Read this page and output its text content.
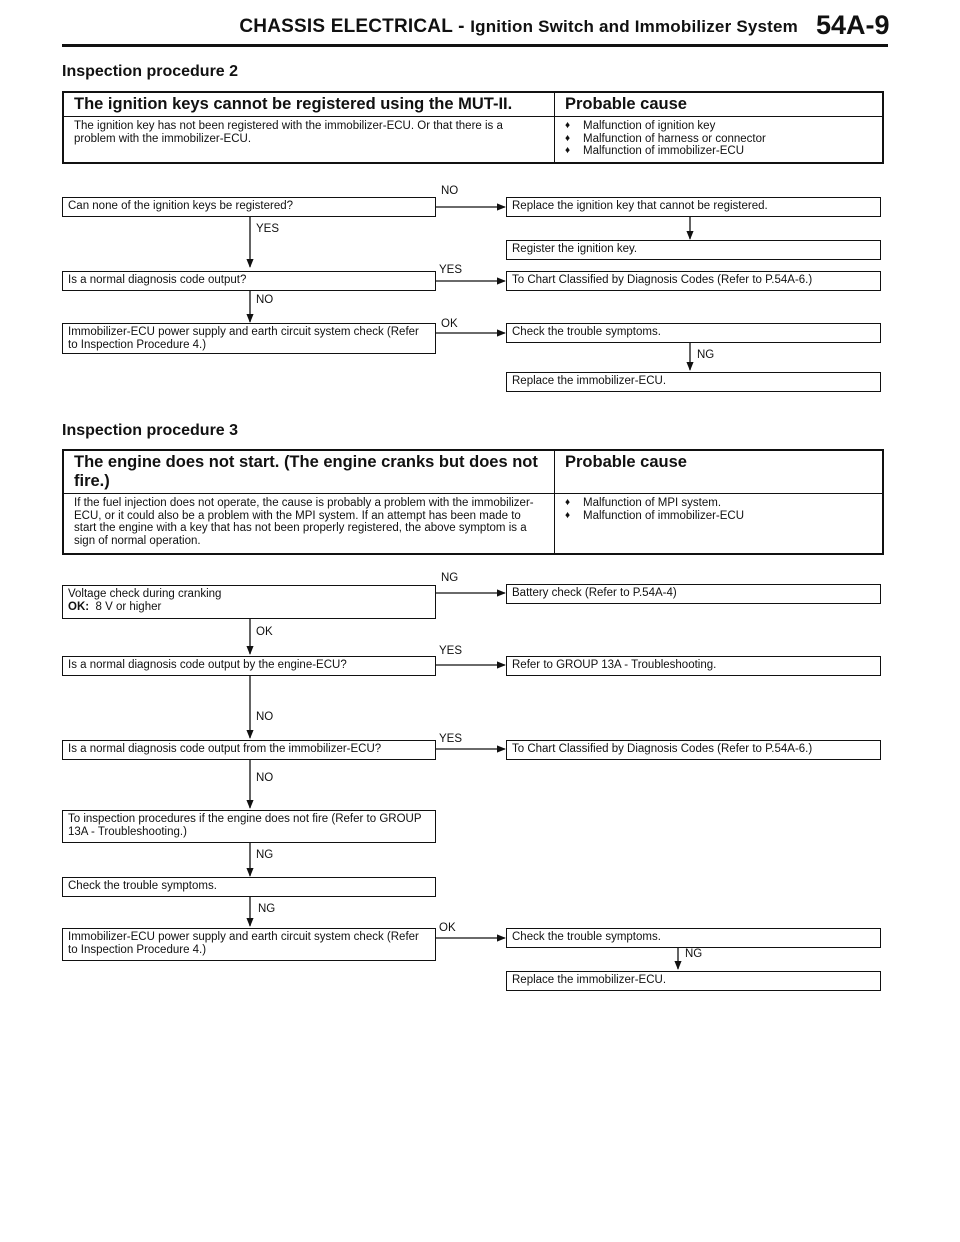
CHASSIS ELECTRICAL - Ignition Switch and Immobilizer System 54A-9
Inspection procedure 2
The ignition keys cannot be registered using the MUT-II.	Probable cause
The ignition key has not been registered with the immobilizer-ECU. Or that there is a problem with the immobilizer-ECU.	♦ Malfunction of ignition key
♦ Malfunction of harness or connector
♦ Malfunction of immobilizer-ECU
Can none of the ignition keys be registered?
NO
Replace the ignition key that cannot be registered.
YES
Register the ignition key.
Is a normal diagnosis code output?
YES
To Chart Classified by Diagnosis Codes (Refer to P.54A-6.)
NO
Immobilizer-ECU power supply and earth circuit system check (Refer to Inspection Procedure 4.)
OK
Check the trouble symptoms.
NG
Replace the immobilizer-ECU.
Inspection procedure 3
The engine does not start. (The engine cranks but does not fire.)	Probable cause
If the fuel injection does not operate, the cause is probably a problem with the immobilizer-ECU, or it could also be a problem with the MPI system. If an attempt has been made to start the engine with a key that has not been properly registered, the above symptom is a sign of normal operation.	♦ Malfunction of MPI system.
♦ Malfunction of immobilizer-ECU
Voltage check during cranking
OK: 8 V or higher
NG
Battery check (Refer to P.54A-4)
OK
Is a normal diagnosis code output by the engine-ECU?
YES
Refer to GROUP 13A - Troubleshooting.
NO
Is a normal diagnosis code output from the immobilizer-ECU?
YES
To Chart Classified by Diagnosis Codes (Refer to P.54A-6.)
NO
To inspection procedures if the engine does not fire (Refer to GROUP 13A - Troubleshooting.)
NG
Check the trouble symptoms.
NG
Immobilizer-ECU power supply and earth circuit system check (Refer to Inspection Procedure 4.)
OK
Check the trouble symptoms.
NG
Replace the immobilizer-ECU.
